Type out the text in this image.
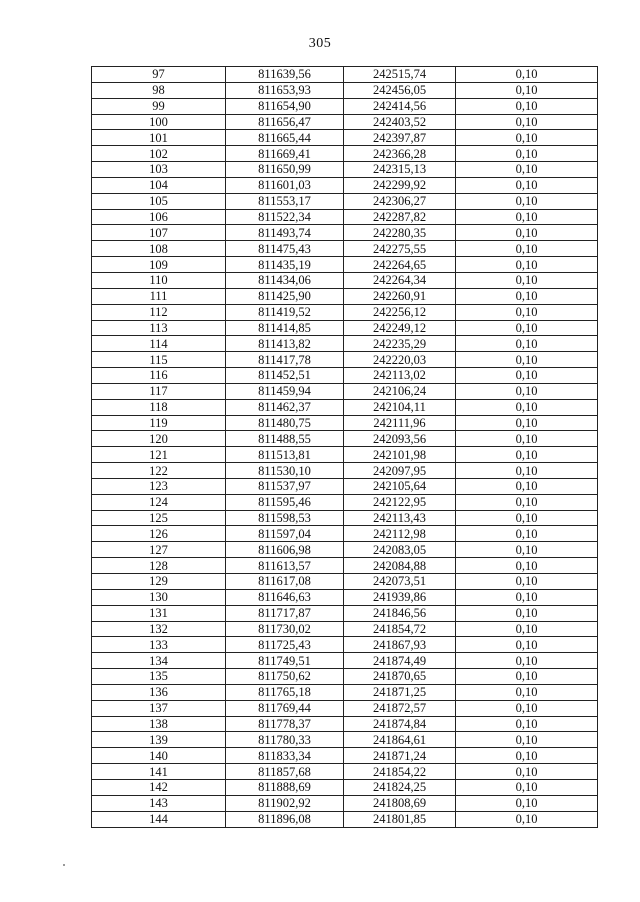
305
97	811639,56	242515,74	0,10
98	811653,93	242456,05	0,10
99	811654,90	242414,56	0,10
100	811656,47	242403,52	0,10
101	811665,44	242397,87	0,10
102	811669,41	242366,28	0,10
103	811650,99	242315,13	0,10
104	811601,03	242299,92	0,10
105	811553,17	242306,27	0,10
106	811522,34	242287,82	0,10
107	811493,74	242280,35	0,10
108	811475,43	242275,55	0,10
109	811435,19	242264,65	0,10
110	811434,06	242264,34	0,10
111	811425,90	242260,91	0,10
112	811419,52	242256,12	0,10
113	811414,85	242249,12	0,10
114	811413,82	242235,29	0,10
115	811417,78	242220,03	0,10
116	811452,51	242113,02	0,10
117	811459,94	242106,24	0,10
118	811462,37	242104,11	0,10
119	811480,75	242111,96	0,10
120	811488,55	242093,56	0,10
121	811513,81	242101,98	0,10
122	811530,10	242097,95	0,10
123	811537,97	242105,64	0,10
124	811595,46	242122,95	0,10
125	811598,53	242113,43	0,10
126	811597,04	242112,98	0,10
127	811606,98	242083,05	0,10
128	811613,57	242084,88	0,10
129	811617,08	242073,51	0,10
130	811646,63	241939,86	0,10
131	811717,87	241846,56	0,10
132	811730,02	241854,72	0,10
133	811725,43	241867,93	0,10
134	811749,51	241874,49	0,10
135	811750,62	241870,65	0,10
136	811765,18	241871,25	0,10
137	811769,44	241872,57	0,10
138	811778,37	241874,84	0,10
139	811780,33	241864,61	0,10
140	811833,34	241871,24	0,10
141	811857,68	241854,22	0,10
142	811888,69	241824,25	0,10
143	811902,92	241808,69	0,10
144	811896,08	241801,85	0,10
